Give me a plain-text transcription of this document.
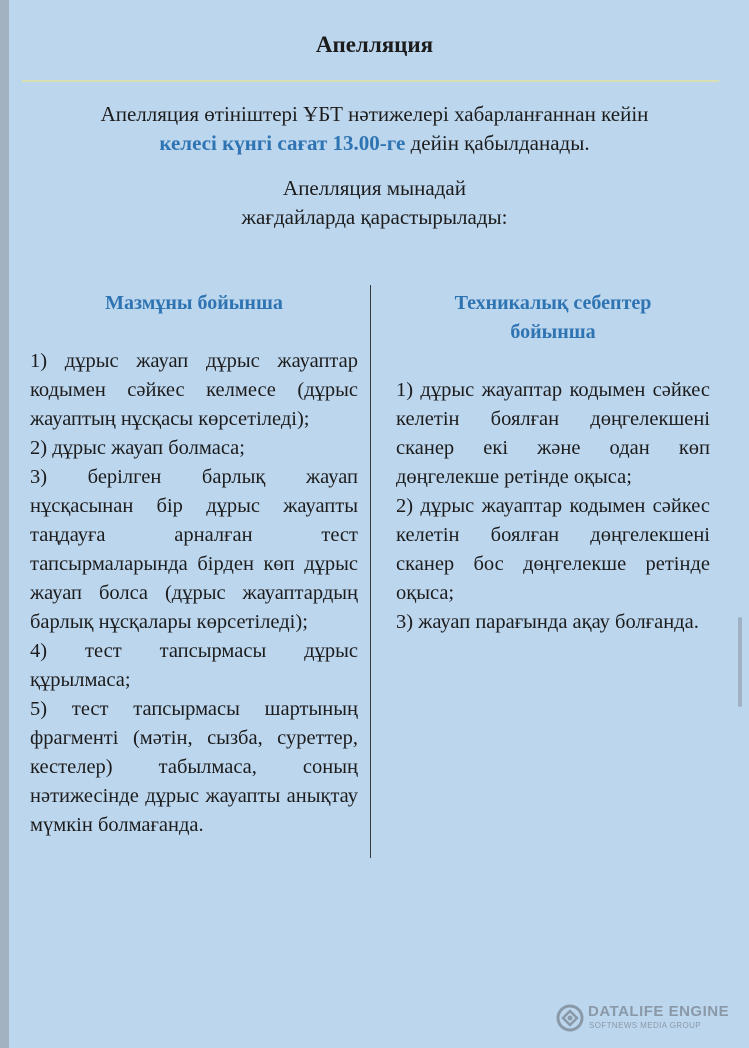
Апелляция
Апелляция өтініштері ҰБТ нәтижелері хабарланғаннан кейін
келесі күнгі сағат 13.00-ге дейін қабылданады.
Апелляция мынадай
жағдайларда қарастырылады:
Мазмұны бойынша	Техникалық себептер
бойынша

1) дұрыс жауап дұрыс жауаптар кодымен сәйкес келмесе (дұрыс жауаптың нұсқасы көрсетіледі);

2) дұрыс жауап болмаса;

3) берілген барлық жауап нұсқасынан бір дұрыс жауапты таңдауға арналған тест тапсырмаларында бірден көп дұрыс жауап болса (дұрыс жауаптардың барлық нұсқалары көрсетіледі);

4) тест тапсырмасы дұрыс құрылмаса;

5) тест тапсырмасы шартының фрагменті (мәтін, сызба, суреттер, кестелер) табылмаса, соның нәтижесінде дұрыс жауапты анықтау мүмкін болмағанда.

1) дұрыс жауаптар кодымен сәйкес келетін боялған дөңгелекшені сканер екі және одан көп дөңгелекше ретінде оқыса;

2) дұрыс жауаптар кодымен сәйкес келетін боялған дөңгелекшені сканер бос дөңгелекше ретінде оқыса;

3) жауап парағында ақау болғанда.

DATALIFE ENGINE
SOFTNEWS MEDIA GROUP
